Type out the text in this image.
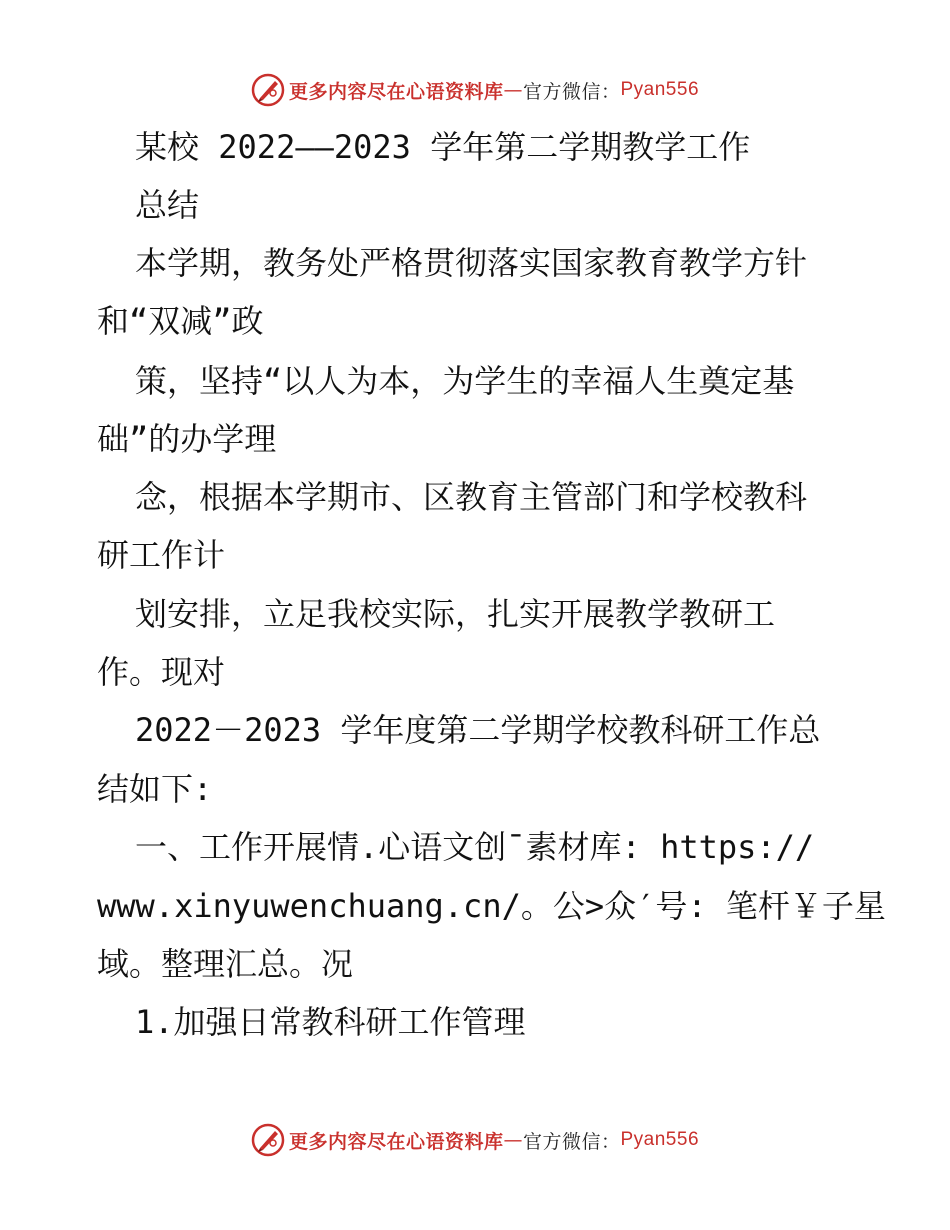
更多内容尽在心语资料库 — 官方微信： Pyan556
某校 2022——2023 学年第二学期教学工作
总结
本学期，教务处严格贯彻落实国家教育教学方针
和“双减”政
策，坚持“以人为本，为学生的幸福人生奠定基
础”的办学理
念，根据本学期市、区教育主管部门和学校教科
研工作计
划安排，立足我校实际，扎实开展教学教研工
作。现对
2022－2023 学年度第二学期学校教科研工作总
结如下:
一、工作开展情.心语文创¯素材库: https://
www.xinyuwenchuang.cn/。公>众′号: 笔杆￥子星
域。整理汇总。况
1.加强日常教科研工作管理
更多内容尽在心语资料库 — 官方微信： Pyan556
